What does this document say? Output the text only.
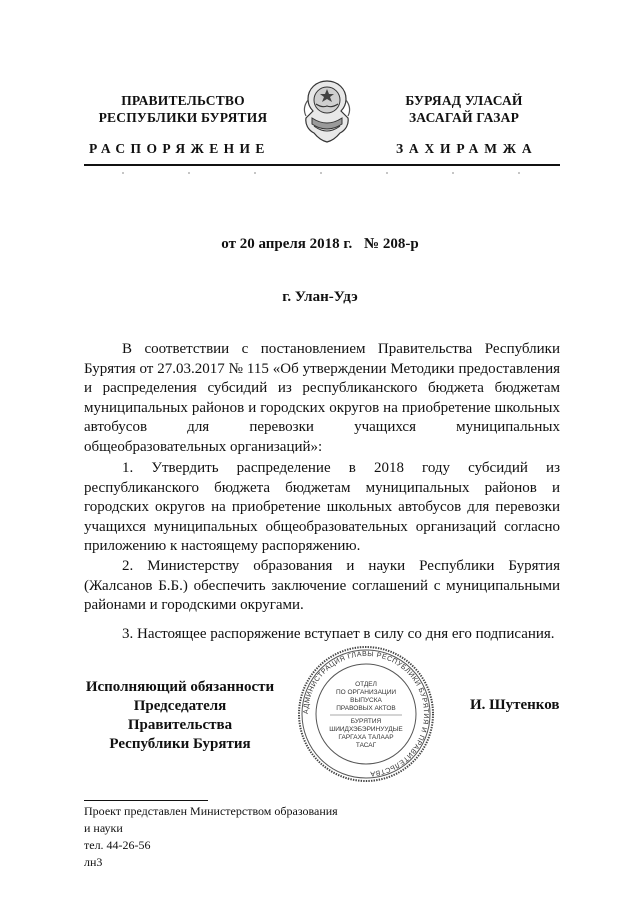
ПРАВИТЕЛЬСТВО
РЕСПУБЛИКИ БУРЯТИЯ
БУРЯАД УЛАСАЙ
ЗАСАГАЙ ГАЗАР
РАСПОРЯЖЕНИЕ	ЗАХИРАМЖА
от 20 апреля 2018 г. № 208-р
г. Улан-Удэ

В соответствии с постановлением Правительства Республики Бурятия от 27.03.2017 № 115 «Об утверждении Методики предоставления и распределения субсидий из республиканского бюджета бюджетам муниципальных районов и городских округов на приобретение школьных автобусов для перевозки учащихся муниципальных общеобразовательных организаций»:

1. Утвердить распределение в 2018 году субсидий из республиканского бюджета бюджетам муниципальных районов и городских округов на приобретение школьных автобусов для перевозки учащихся муниципальных общеобразовательных организаций согласно приложению к настоящему распоряжению.

2. Министерству образования и науки Республики Бурятия (Жалсанов Б.Б.) обеспечить заключение соглашений с муниципальными районами и городскими округами.

3. Настоящее распоряжение вступает в силу со дня его подписания.

Исполняющий обязанности
Председателя Правительства
Республики Бурятия
АДМИНИСТРАЦИЯ ГЛАВЫ РЕСПУБЛИКИ БУРЯТИЯ И ПРАВИТЕЛЬСТВА
ОТДЕЛ
ПО ОРГАНИЗАЦИИ
ВЫПУСКА
ПРАВОВЫХ АКТОВ
БУРЯТИЯ
ШИИДХЭБЭРИНУУДЫЕ
ГАРГАХА ТАЛААР
ТАСАГ
И. Шутенков
Проект представлен Министерством образования
и науки
тел. 44-26-56
лн3
